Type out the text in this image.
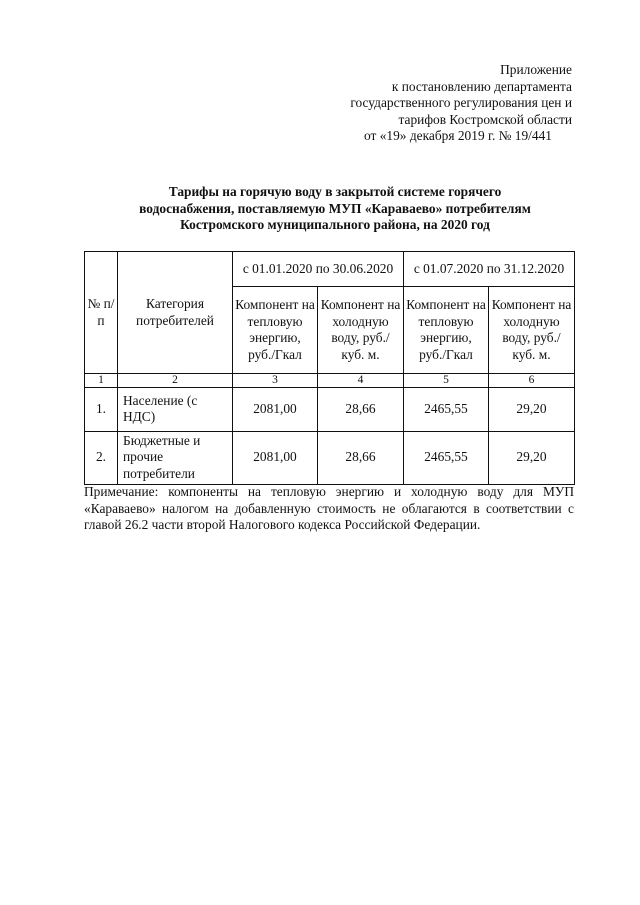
Приложение
к постановлению департамента
государственного регулирования цен и
тарифов Костромской области
от «19» декабря 2019 г. № 19/441
Тарифы на горячую воду в закрытой системе горячего
водоснабжения, поставляемую МУП «Караваево» потребителям
Костромского муниципального района, на 2020 год
№ п/п	Категория потребителей	с 01.01.2020 по 30.06.2020		с 01.07.2020 по 31.12.2020	
		Компонент на тепловую энергию, руб./Гкал	Компонент на холодную воду, руб./куб. м.	Компонент на тепловую энергию, руб./Гкал	Компонент на холодную воду, руб./куб. м.
1	2	3	4	5	6
1.	Население (с НДС)	2081,00	28,66	2465,55	29,20
2.	Бюджетные и прочие потребители	2081,00	28,66	2465,55	29,20
Примечание: компоненты на тепловую энергию и холодную воду для МУП «Караваево» налогом на добавленную стоимость не облагаются в соответствии с главой 26.2 части второй Налогового кодекса Российской Федерации.
